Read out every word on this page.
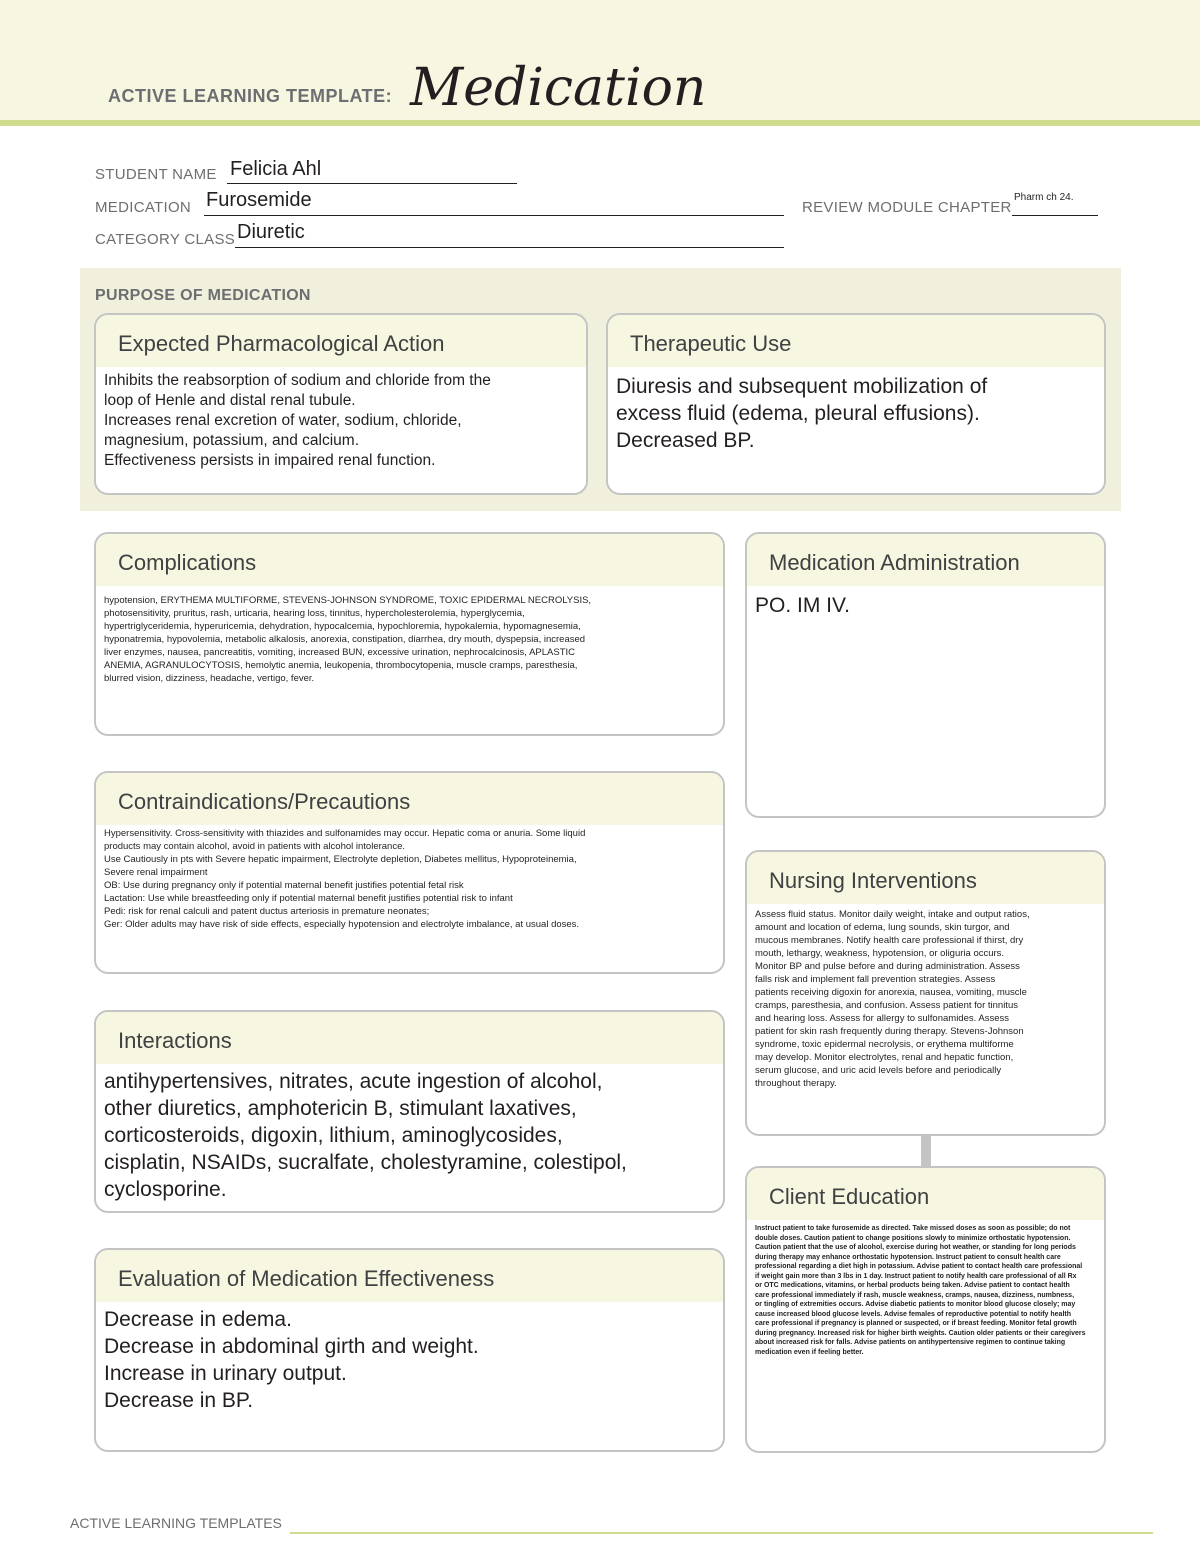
ACTIVE LEARNING TEMPLATE: Medication
STUDENT NAME Felicia Ahl
MEDICATION Furosemide	REVIEW MODULE CHAPTER
Pharm ch 24.
CATEGORY CLASS Diuretic
PURPOSE OF MEDICATION
Expected Pharmacological Action
Inhibits the reabsorption of sodium and chloride from the
loop of Henle and distal renal tubule.
Increases renal excretion of water, sodium, chloride,
magnesium, potassium, and calcium.
Effectiveness persists in impaired renal function.
Therapeutic Use
Diuresis and subsequent mobilization of
excess fluid (edema, pleural effusions).
Decreased BP.
Complications
hypotension, ERYTHEMA MULTIFORME, STEVENS-JOHNSON SYNDROME, TOXIC EPIDERMAL NECROLYSIS,
photosensitivity, pruritus, rash, urticaria, hearing loss, tinnitus, hypercholesterolemia, hyperglycemia,
hypertriglyceridemia, hyperuricemia, dehydration, hypocalcemia, hypochloremia, hypokalemia, hypomagnesemia,
hyponatremia, hypovolemia, metabolic alkalosis, anorexia, constipation, diarrhea, dry mouth, dyspepsia, increased
liver enzymes, nausea, pancreatitis, vomiting, increased BUN, excessive urination, nephrocalcinosis, APLASTIC
ANEMIA, AGRANULOCYTOSIS, hemolytic anemia, leukopenia, thrombocytopenia, muscle cramps, paresthesia,
blurred vision, dizziness, headache, vertigo, fever.
Medication Administration
PO. IM IV.
Contraindications/Precautions
Hypersensitivity. Cross-sensitivity with thiazides and sulfonamides may occur. Hepatic coma or anuria. Some liquid
products may contain alcohol, avoid in patients with alcohol intolerance.
Use Cautiously in pts with Severe hepatic impairment, Electrolyte depletion, Diabetes mellitus, Hypoproteinemia,
Severe renal impairment
OB: Use during pregnancy only if potential maternal benefit justifies potential fetal risk
Lactation: Use while breastfeeding only if potential maternal benefit justifies potential risk to infant
Pedi: risk for renal calculi and patent ductus arteriosis in premature neonates;
Ger: Older adults may have risk of side effects, especially hypotension and electrolyte imbalance, at usual doses.
Nursing Interventions
Assess fluid status. Monitor daily weight, intake and output ratios,
amount and location of edema, lung sounds, skin turgor, and
mucous membranes. Notify health care professional if thirst, dry
mouth, lethargy, weakness, hypotension, or oliguria occurs.
Monitor BP and pulse before and during administration. Assess
falls risk and implement fall prevention strategies. Assess
patients receiving digoxin for anorexia, nausea, vomiting, muscle
cramps, paresthesia, and confusion. Assess patient for tinnitus
and hearing loss. Assess for allergy to sulfonamides. Assess
patient for skin rash frequently during therapy. Stevens-Johnson
syndrome, toxic epidermal necrolysis, or erythema multiforme
may develop. Monitor electrolytes, renal and hepatic function,
serum glucose, and uric acid levels before and periodically
throughout therapy.
Interactions
antihypertensives, nitrates, acute ingestion of alcohol,
other diuretics, amphotericin B, stimulant laxatives,
corticosteroids, digoxin, lithium, aminoglycosides,
cisplatin, NSAIDs, sucralfate, cholestyramine, colestipol,
cyclosporine.	Client Education
Instruct patient to take furosemide as directed. Take missed doses as soon as possible; do not
double doses. Caution patient to change positions slowly to minimize orthostatic hypotension.
Caution patient that the use of alcohol, exercise during hot weather, or standing for long periods
during therapy may enhance orthostatic hypotension. Instruct patient to consult health care
professional regarding a diet high in potassium. Advise patient to contact health care professional
if weight gain more than 3 lbs in 1 day. Instruct patient to notify health care professional of all Rx
or OTC medications, vitamins, or herbal products being taken. Advise patient to contact health
care professional immediately if rash, muscle weakness, cramps, nausea, dizziness, numbness,
or tingling of extremities occurs. Advise diabetic patients to monitor blood glucose closely; may
cause increased blood glucose levels. Advise females of reproductive potential to notify health
care professional if pregnancy is planned or suspected, or if breast feeding. Monitor fetal growth
during pregnancy. Increased risk for higher birth weights. Caution older patients or their caregivers
about increased risk for falls. Advise patients on antihypertensive regimen to continue taking
medication even if feeling better.
Evaluation of Medication Effectiveness
Decrease in edema.
Decrease in abdominal girth and weight.
Increase in urinary output.
Decrease in BP.
ACTIVE LEARNING TEMPLATES
